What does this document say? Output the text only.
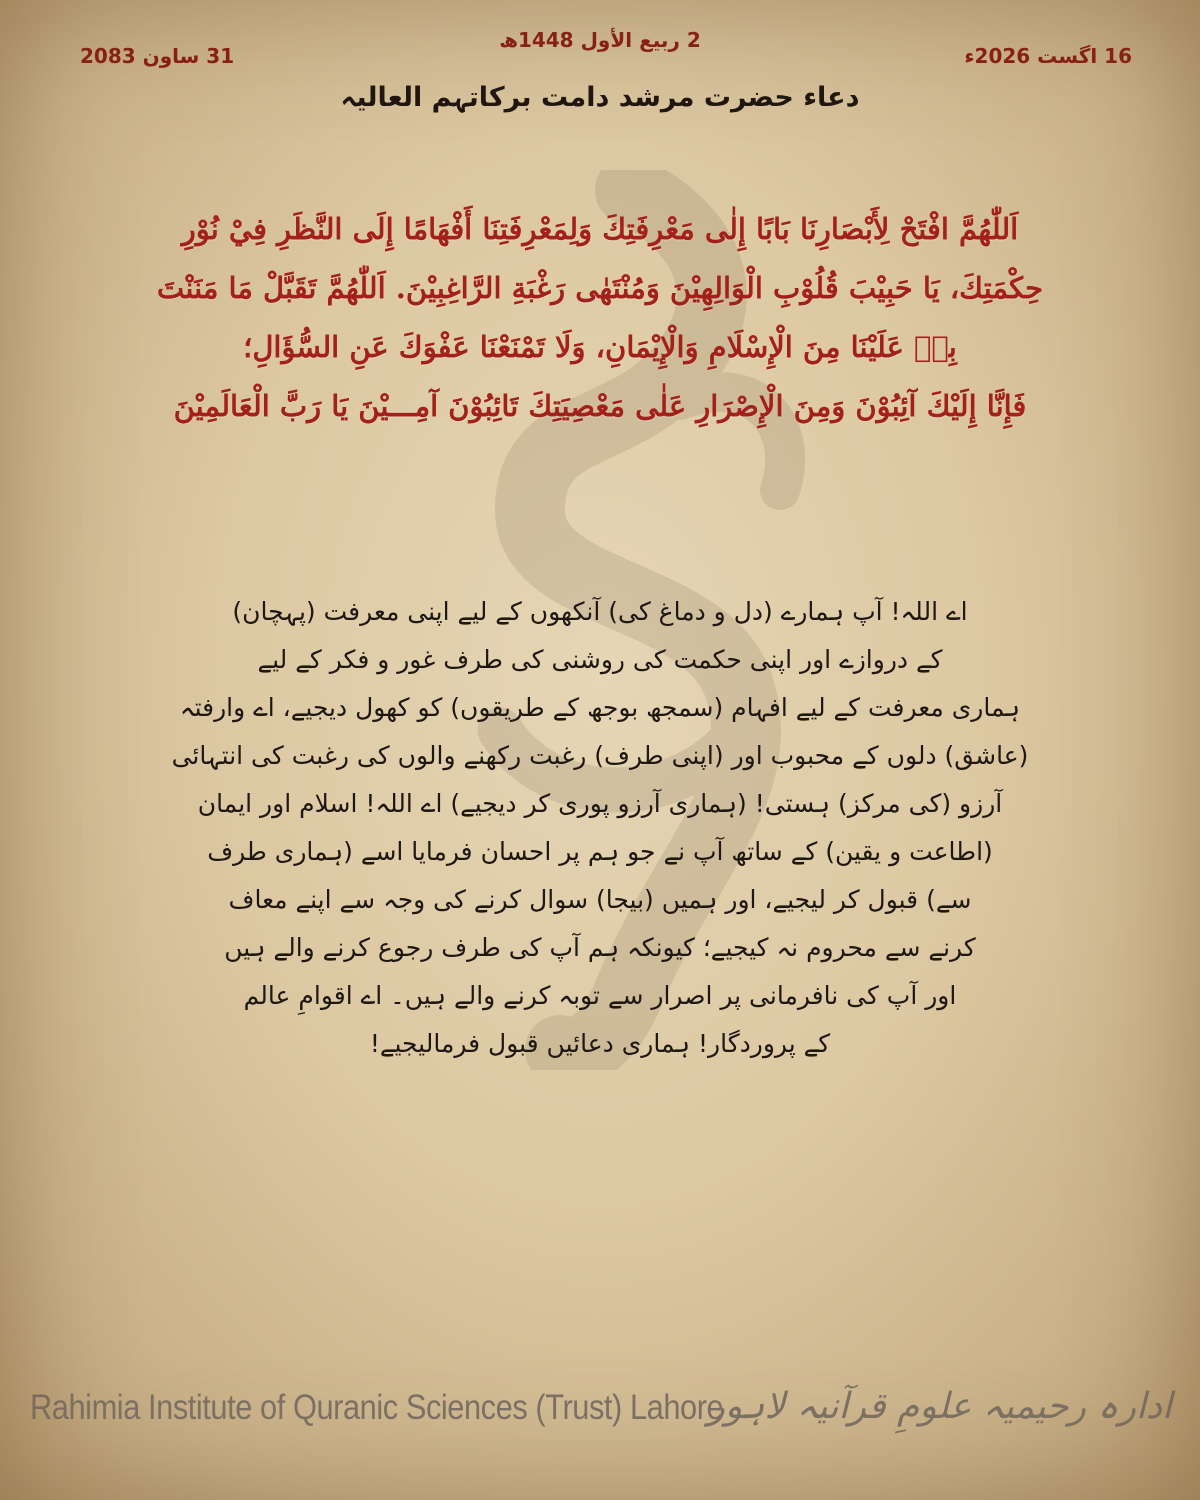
2 ربیع الأول 1448ھ
16 اگست 2026ء
31 ساون 2083
دعاء حضرت مرشد دامت برکاتہم العالیہ
اَللّٰهُمَّ افْتَحْ لِأَبْصَارِنَا بَابًا إِلٰى مَعْرِفَتِكَ وَلِمَعْرِفَتِنَا أَفْهَامًا إِلَى النَّظَرِ فِيْ نُوْرِ
حِكْمَتِكَ، يَا حَبِيْبَ قُلُوْبِ الْوَالِهِيْنَ وَمُنْتَهٰى رَغْبَةِ الرَّاغِبِيْنَ. اَللّٰهُمَّ تَقَبَّلْ مَا مَنَنْتَ
بِهٖ عَلَيْنَا مِنَ الْإِسْلَامِ وَالْإِيْمَانِ، وَلَا تَمْنَعْنَا عَفْوَكَ عَنِ السُّؤَالِ؛
فَإِنَّا إِلَيْكَ آئِبُوْنَ وَمِنَ الْإِصْرَارِ عَلٰى مَعْصِيَتِكَ تَائِبُوْنَ آمِـــيْنَ يَا رَبَّ الْعَالَمِيْنَ
اے اللہ! آپ ہمارے (دل و دماغ کی) آنکھوں کے لیے اپنی معرفت (پہچان)
کے دروازے اور اپنی حکمت کی روشنی کی طرف غور و فکر کے لیے
ہماری معرفت کے لیے افہام (سمجھ بوجھ کے طریقوں) کو کھول دیجیے، اے وارفتہ
(عاشق) دلوں کے محبوب اور (اپنی طرف) رغبت رکھنے والوں کی رغبت کی انتہائی
آرزو (کی مرکز) ہستی! (ہماری آرزو پوری کر دیجیے) اے اللہ! اسلام اور ایمان
(اطاعت و یقین) کے ساتھ آپ نے جو ہم پر احسان فرمایا اسے (ہماری طرف
سے) قبول کر لیجیے، اور ہمیں (بیجا) سوال کرنے کی وجہ سے اپنے معاف
کرنے سے محروم نہ کیجیے؛ کیونکہ ہم آپ کی طرف رجوع کرنے والے ہیں
اور آپ کی نافرمانی پر اصرار سے توبہ کرنے والے ہیں۔ اے اقوامِ عالم
کے پروردگار! ہماری دعائیں قبول فرمالیجیے!
Rahimia Institute of Quranic Sciences (Trust) Lahore
ادارہ رحیمیہ علومِ قرآنیہ لاہور
